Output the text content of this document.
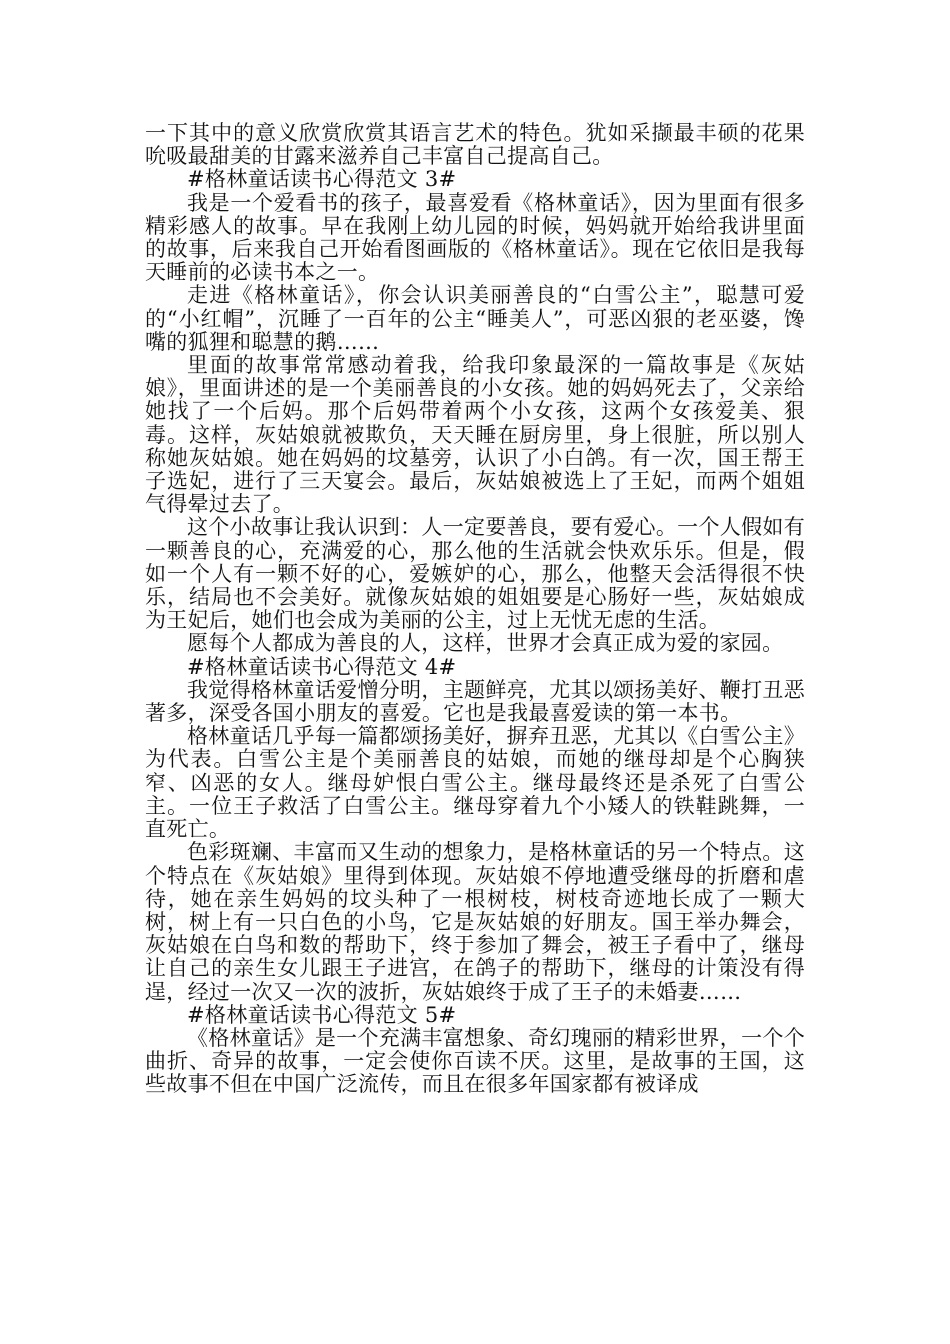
一下其中的意义欣赏欣赏其语言艺术的特色。犹如采撷最丰硕的花果吮吸最甜美的甘露来滋养自己丰富自己提高自己。

#格林童话读书心得范文 3#

我是一个爱看书的孩子，最喜爱看《格林童话》，因为里面有很多精彩感人的故事。早在我刚上幼儿园的时候，妈妈就开始给我讲里面的故事，后来我自己开始看图画版的《格林童话》。现在它依旧是我每天睡前的必读书本之一。

走进《格林童话》，你会认识美丽善良的“白雪公主”，聪慧可爱的“小红帽”，沉睡了一百年的公主“睡美人”，可恶凶狠的老巫婆，馋嘴的狐狸和聪慧的鹅……

里面的故事常常感动着我，给我印象最深的一篇故事是《灰姑娘》，里面讲述的是一个美丽善良的小女孩。她的妈妈死去了，父亲给她找了一个后妈。那个后妈带着两个小女孩，这两个女孩爱美、狠毒。这样，灰姑娘就被欺负，天天睡在厨房里，身上很脏，所以别人称她灰姑娘。她在妈妈的坟墓旁，认识了小白鸽。有一次，国王帮王子选妃，进行了三天宴会。最后，灰姑娘被选上了王妃，而两个姐姐气得晕过去了。

这个小故事让我认识到：人一定要善良，要有爱心。一个人假如有一颗善良的心，充满爱的心，那么他的生活就会快欢乐乐。但是，假如一个人有一颗不好的心，爱嫉妒的心，那么，他整天会活得很不快乐，结局也不会美好。就像灰姑娘的姐姐要是心肠好一些，灰姑娘成为王妃后，她们也会成为美丽的公主，过上无忧无虑的生活。

愿每个人都成为善良的人，这样，世界才会真正成为爱的家园。

#格林童话读书心得范文 4#

我觉得格林童话爱憎分明，主题鲜亮，尤其以颂扬美好、鞭打丑恶著多，深受各国小朋友的喜爱。它也是我最喜爱读的第一本书。

格林童话几乎每一篇都颂扬美好，摒弃丑恶，尤其以《白雪公主》为代表。白雪公主是个美丽善良的姑娘，而她的继母却是个心胸狭窄、凶恶的女人。继母妒恨白雪公主。继母最终还是杀死了白雪公主。一位王子救活了白雪公主。继母穿着九个小矮人的铁鞋跳舞，一直死亡。

色彩斑斓、丰富而又生动的想象力，是格林童话的另一个特点。这个特点在《灰姑娘》里得到体现。灰姑娘不停地遭受继母的折磨和虐待，她在亲生妈妈的坟头种了一根树枝，树枝奇迹地长成了一颗大树，树上有一只白色的小鸟，它是灰姑娘的好朋友。国王举办舞会，灰姑娘在白鸟和数的帮助下，终于参加了舞会，被王子看中了，继母让自己的亲生女儿跟王子进宫，在鸽子的帮助下，继母的计策没有得逞，经过一次又一次的波折，灰姑娘终于成了王子的未婚妻……

#格林童话读书心得范文 5#

《格林童话》是一个充满丰富想象、奇幻瑰丽的精彩世界，一个个曲折、奇异的故事，一定会使你百读不厌。这里，是故事的王国，这些故事不但在中国广泛流传，而且在很多年国家都有被译成
